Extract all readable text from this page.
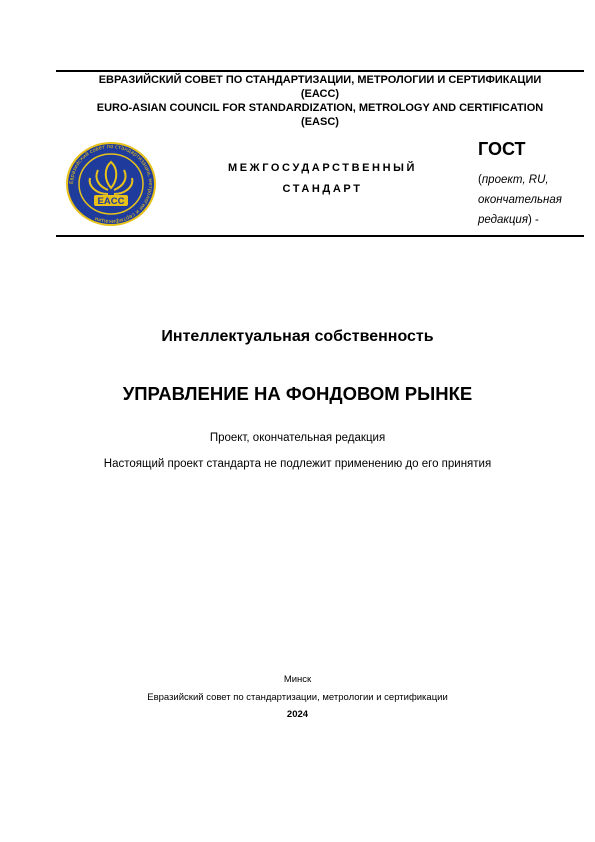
ЕВРАЗИЙСКИЙ СОВЕТ ПО СТАНДАРТИЗАЦИИ, МЕТРОЛОГИИ И СЕРТИФИКАЦИИ
(ЕАСС)
EURO-ASIAN COUNCIL FOR STANDARDIZATION, METROLOGY AND CERTIFICATION
(EASC)
Евразийский совет по стандартизации, метрологии и сертификации
EACC
МЕЖГОСУДАРСТВЕННЫЙ
СТАНДАРТ
ГОСТ
(проект, RU, окончательная редакция) -
Интеллектуальная собственность
УПРАВЛЕНИЕ НА ФОНДОВОМ РЫНКЕ
Проект, окончательная редакция
Настоящий проект стандарта не подлежит применению до его принятия
Минск
Евразийский совет по стандартизации, метрологии и сертификации
2024
